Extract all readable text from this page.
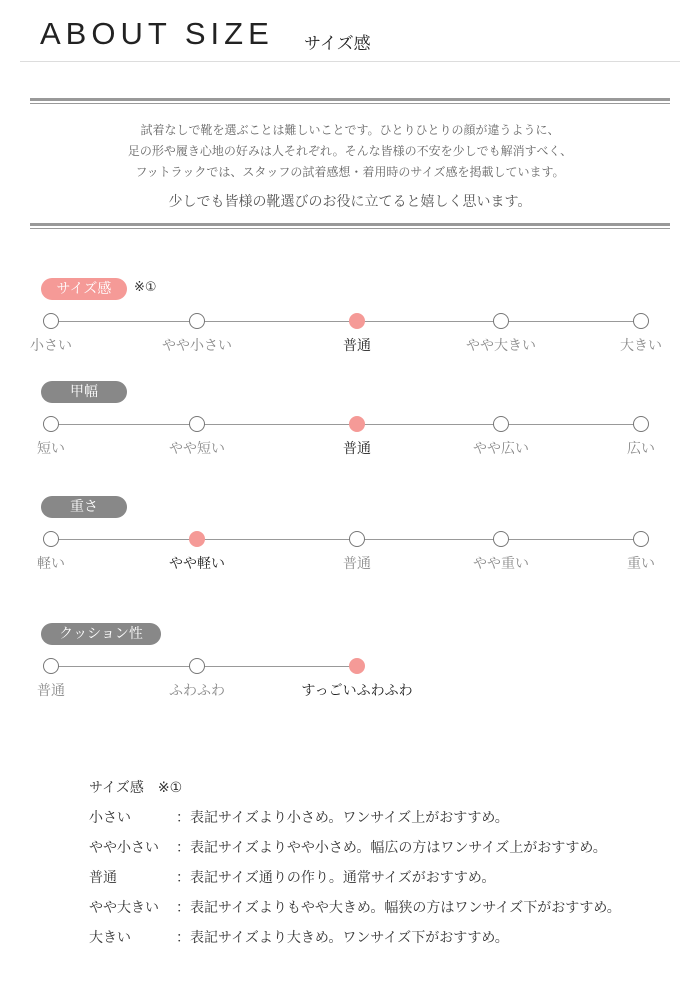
ABOUT SIZE サイズ感
試着なしで靴を選ぶことは難しいことです。ひとりひとりの顔が違うように、
足の形や履き心地の好みは人それぞれ。そんな皆様の不安を少しでも解消すべく、
フットラックでは、スタッフの試着感想・着用時のサイズ感を掲載しています。
少しでも皆様の靴選びのお役に立てると嬉しく思います。
サイズ感	※①
小さい	やや小さい	普通	やや大きい	大きい
甲幅
短い	やや短い	普通	やや広い	広い
重さ
軽い	やや軽い	普通	やや重い	重い
クッション性
普通	ふわふわ	すっごいふわふわ
サイズ感　※①
小さい	：表記サイズより小さめ。ワンサイズ上がおすすめ。
やや小さい ：表記サイズよりやや小さめ。幅広の方はワンサイズ上がおすすめ。
普通	：表記サイズ通りの作り。通常サイズがおすすめ。
やや大きい ：表記サイズよりもやや大きめ。幅狭の方はワンサイズ下がおすすめ。
大きい	：表記サイズより大きめ。ワンサイズ下がおすすめ。
